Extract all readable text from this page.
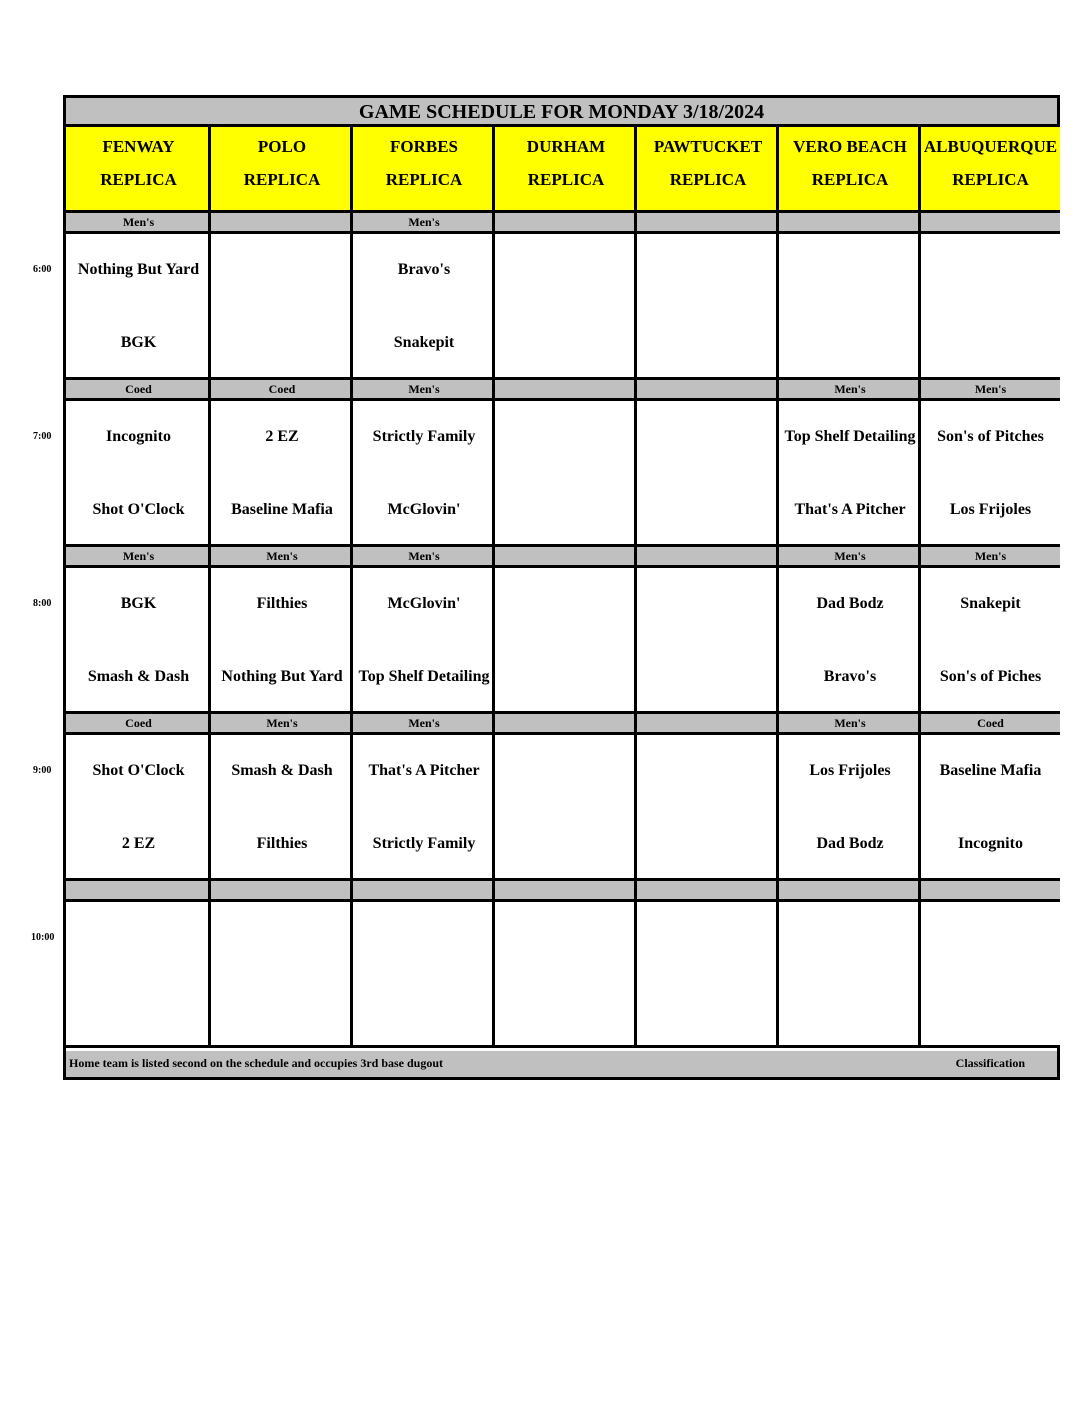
GAME SCHEDULE FOR MONDAY 3/18/2024
Home team is listed second on the schedule and occupies 3rd base dugout	Classification
FENWAY
REPLICA
POLO
REPLICA
FORBES
REPLICA
DURHAM
REPLICA
PAWTUCKET
REPLICA
VERO BEACH
REPLICA
ALBUQUERQUE
REPLICA
Men's
Nothing But Yard
BGK
Men's
Bravo's
Snakepit
Coed
Incognito
Shot O'Clock
Coed
2 EZ
Baseline Mafia
Men's
Strictly Family
McGlovin'
Men's
Top Shelf Detailing
That's A Pitcher
Men's
Son's of Pitches
Los Frijoles
Men's
BGK
Smash & Dash
Men's
Filthies
Nothing But Yard
Men's
McGlovin'
Top Shelf Detailing
Men's
Dad Bodz
Bravo's
Men's
Snakepit
Son's of Piches
Coed
Shot O'Clock
2 EZ
Men's
Smash & Dash
Filthies
Men's
That's A Pitcher
Strictly Family
Men's
Los Frijoles
Dad Bodz
Coed
Baseline Mafia
Incognito
6:00
7:00
8:00
9:00
10:00
